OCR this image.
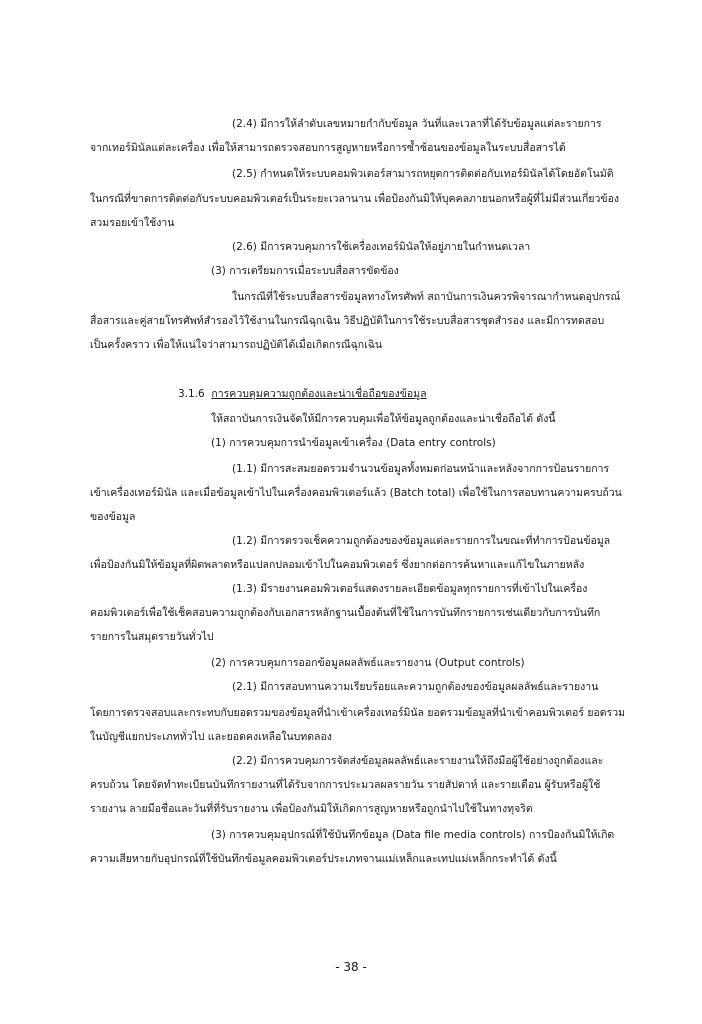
(2.4) มีการให้ลำดับเลขหมายกำกับข้อมูล วันที่และเวลาที่ได้รับข้อมูลแต่ละรายการ
จากเทอร์มินัลแต่ละเครื่อง เพื่อให้สามารถตรวจสอบการสูญหายหรือการซ้ำซ้อนของข้อมูลในระบบสื่อสารได้
(2.5) กำหนดให้ระบบคอมพิวเตอร์สามารถหยุดการติดต่อกับเทอร์มินัลได้โดยอัตโนมัติ
ในกรณีที่ขาดการติดต่อกับระบบคอมพิวเตอร์เป็นระยะเวลานาน เพื่อป้องกันมิให้บุคคลภายนอกหรือผู้ที่ไม่มีส่วนเกี่ยวข้อง
สวมรอยเข้าใช้งาน
(2.6) มีการควบคุมการใช้เครื่องเทอร์มินัลให้อยู่ภายในกำหนดเวลา
(3) การเตรียมการเมื่อระบบสื่อสารขัดข้อง
ในกรณีที่ใช้ระบบสื่อสารข้อมูลทางโทรศัพท์ สถาบันการเงินควรพิจารณากำหนดอุปกรณ์
สื่อสารและคู่สายโทรศัพท์สำรองไว้ใช้งานในกรณีฉุกเฉิน วิธีปฏิบัติในการใช้ระบบสื่อสารชุดสำรอง และมีการทดสอบ
เป็นครั้งคราว เพื่อให้แน่ใจว่าสามารถปฏิบัติได้เมื่อเกิดกรณีฉุกเฉิน
3.1.6 การควบคุมความถูกต้องและน่าเชื่อถือของข้อมูล
ให้สถาบันการเงินจัดให้มีการควบคุมเพื่อให้ข้อมูลถูกต้องและน่าเชื่อถือได้ ดังนี้
(1) การควบคุมการนำข้อมูลเข้าเครื่อง (Data entry controls)
(1.1) มีการสะสมยอดรวมจำนวนข้อมูลทั้งหมดก่อนหน้าและหลังจากการป้อนรายการ
เข้าเครื่องเทอร์มินัล และเมื่อข้อมูลเข้าไปในเครื่องคอมพิวเตอร์แล้ว (Batch total) เพื่อใช้ในการสอบทานความครบถ้วน
ของข้อมูล
(1.2) มีการตรวจเช็คความถูกต้องของข้อมูลแต่ละรายการในขณะที่ทำการป้อนข้อมูล
เพื่อป้องกันมิให้ข้อมูลที่ผิดพลาดหรือแปลกปลอมเข้าไปในคอมพิวเตอร์ ซึ่งยากต่อการค้นหาและแก้ไขในภายหลัง
(1.3) มีรายงานคอมพิวเตอร์แสดงรายละเอียดข้อมูลทุกรายการที่เข้าไปในเครื่อง
คอมพิวเตอร์เพื่อใช้เช็คสอบความถูกต้องกับเอกสารหลักฐานเบื้องต้นที่ใช้ในการบันทึกรายการเช่นเดียวกับการบันทึก
รายการในสมุดรายวันทั่วไป
(2) การควบคุมการออกข้อมูลผลลัพธ์และรายงาน (Output controls)
(2.1) มีการสอบทานความเรียบร้อยและความถูกต้องของข้อมูลผลลัพธ์และรายงาน
โดยการตรวจสอบและกระทบกับยอดรวมของข้อมูลที่นำเข้าเครื่องเทอร์มินัล ยอดรวมข้อมูลที่นำเข้าคอมพิวเตอร์ ยอดรวม
ในบัญชีแยกประเภททั่วไป และยอดคงเหลือในบทดลอง
(2.2) มีการควบคุมการจัดส่งข้อมูลผลลัพธ์และรายงานให้ถึงมือผู้ใช้อย่างถูกต้องและ
ครบถ้วน โดยจัดทำทะเบียนบันทึกรายงานที่ได้รับจากการประมวลผลรายวัน รายสัปดาห์ และรายเดือน ผู้รับหรือผู้ใช้
รายงาน ลายมือชื่อและวันที่ที่รับรายงาน เพื่อป้องกันมิให้เกิดการสูญหายหรือถูกนำไปใช้ในทางทุจริต
(3) การควบคุมอุปกรณ์ที่ใช้บันทึกข้อมูล (Data file media controls) การป้องกันมิให้เกิด
ความเสียหายกับอุปกรณ์ที่ใช้บันทึกข้อมูลคอมพิวเตอร์ประเภทจานแม่เหล็กและเทปแม่เหล็กกระทำได้ ดังนี้
- 38 -
